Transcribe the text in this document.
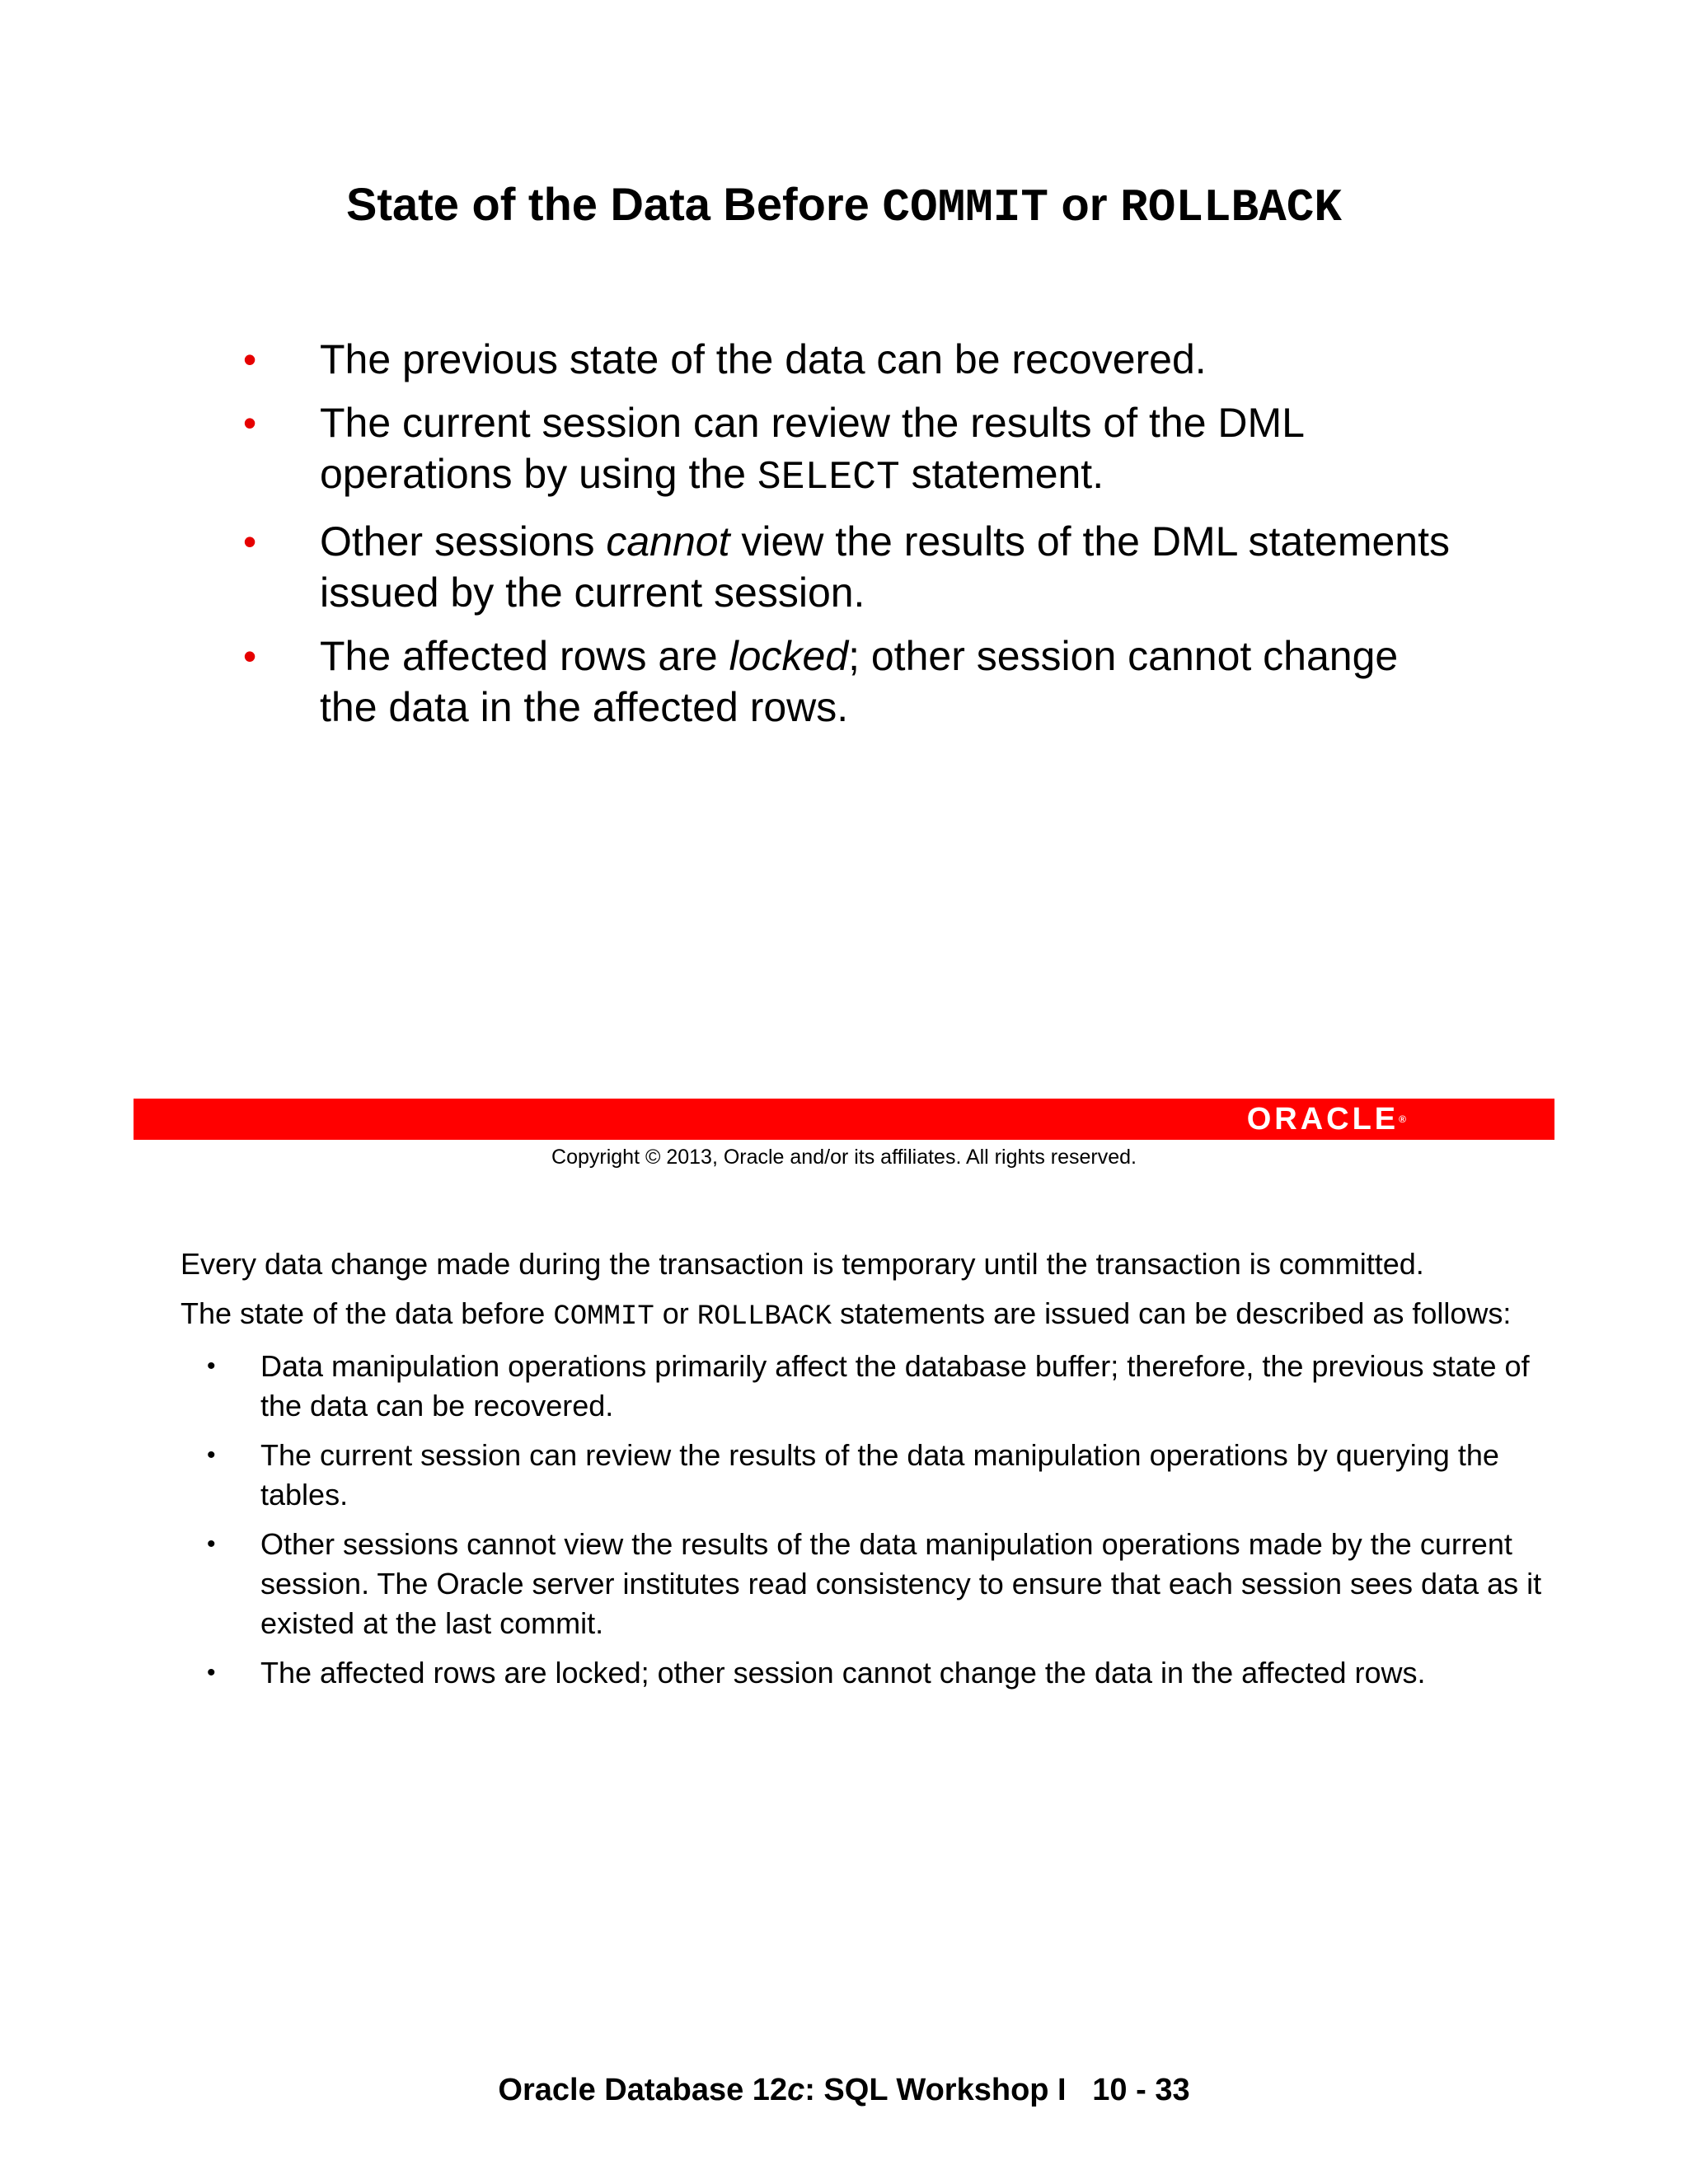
State of the Data Before COMMIT or ROLLBACK
• The previous state of the data can be recovered.
• The current session can review the results of the DML operations by using the SELECT statement.
• Other sessions cannot view the results of the DML statements issued by the current session.
• The affected rows are locked; other session cannot change the data in the affected rows.
ORACLE®
Copyright © 2013, Oracle and/or its affiliates. All rights reserved.

Every data change made during the transaction is temporary until the transaction is committed.

The state of the data before COMMIT or ROLLBACK statements are issued can be described as follows:

• Data manipulation operations primarily affect the database buffer; therefore, the previous state of the data can be recovered.
• The current session can review the results of the data manipulation operations by querying the tables.
• Other sessions cannot view the results of the data manipulation operations made by the current session. The Oracle server institutes read consistency to ensure that each session sees data as it existed at the last commit.
• The affected rows are locked; other session cannot change the data in the affected rows.
Oracle Database 12c: SQL Workshop I   10 - 33
